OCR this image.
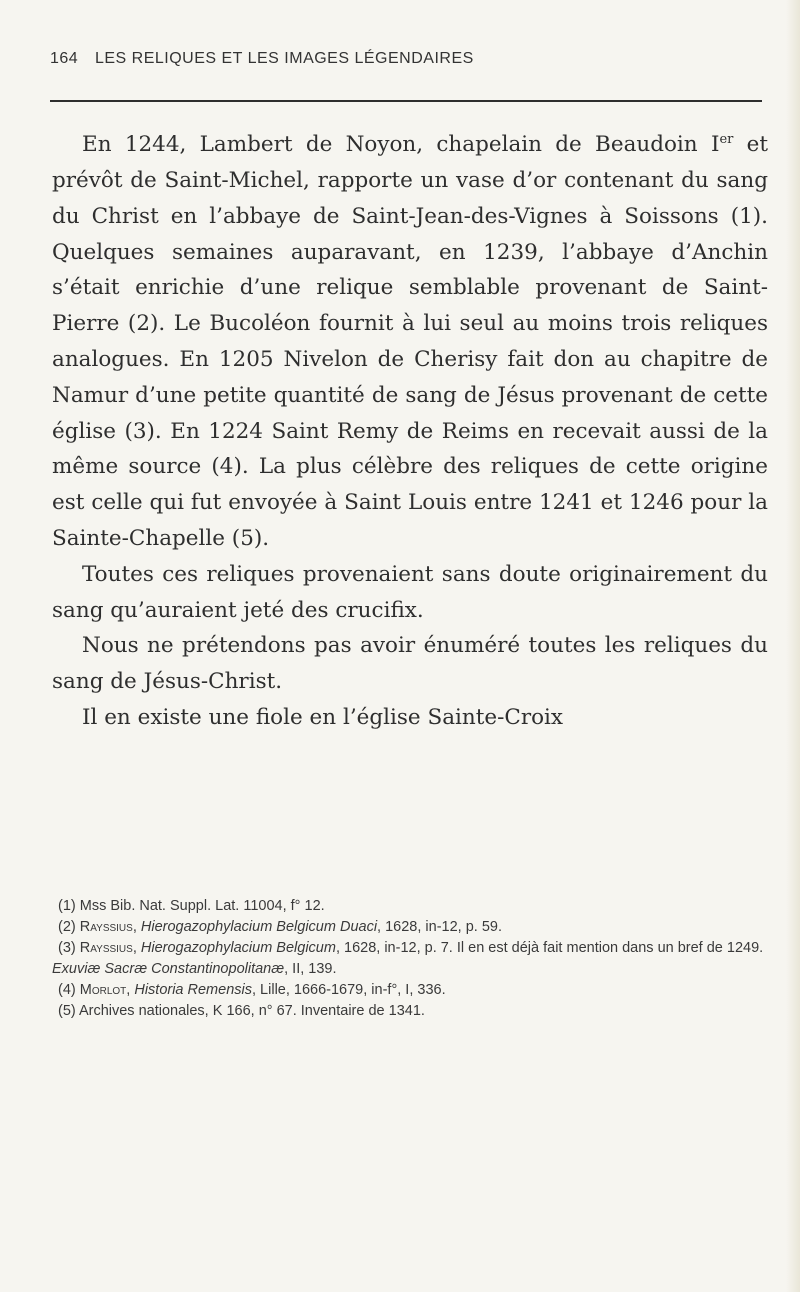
164 LES RELIQUES ET LES IMAGES LÉGENDAIRES

En 1244, Lambert de Noyon, chapelain de Beaudoin Ier et prévôt de Saint-Michel, rapporte un vase d’or contenant du sang du Christ en l’abbaye de Saint-Jean-des-Vignes à Soissons (1). Quelques semaines auparavant, en 1239, l’abbaye d’Anchin s’était enrichie d’une relique semblable provenant de Saint-Pierre (2). Le Bucoléon fournit à lui seul au moins trois reliques analogues. En 1205 Nivelon de Cherisy fait don au chapitre de Namur d’une petite quantité de sang de Jésus provenant de cette église (3). En 1224 Saint Remy de Reims en recevait aussi de la même source (4). La plus célèbre des reliques de cette origine est celle qui fut envoyée à Saint Louis entre 1241 et 1246 pour la Sainte-Chapelle (5).

Toutes ces reliques provenaient sans doute originairement du sang qu’auraient jeté des crucifix.

Nous ne prétendons pas avoir énuméré toutes les reliques du sang de Jésus-Christ.

Il en existe une fiole en l’église Sainte-Croix

(1) Mss Bib. Nat. Suppl. Lat. 11004, f° 12.

(2) Rayssius, Hierogazophylacium Belgicum Duaci, 1628, in-12, p. 59.

(3) Rayssius, Hierogazophylacium Belgicum, 1628, in-12, p. 7. Il en est déjà fait mention dans un bref de 1249. Exuviæ Sacræ Constantinopolitanæ, II, 139.

(4) Morlot, Historia Remensis, Lille, 1666-1679, in-f°, I, 336.

(5) Archives nationales, K 166, n° 67. Inventaire de 1341.
